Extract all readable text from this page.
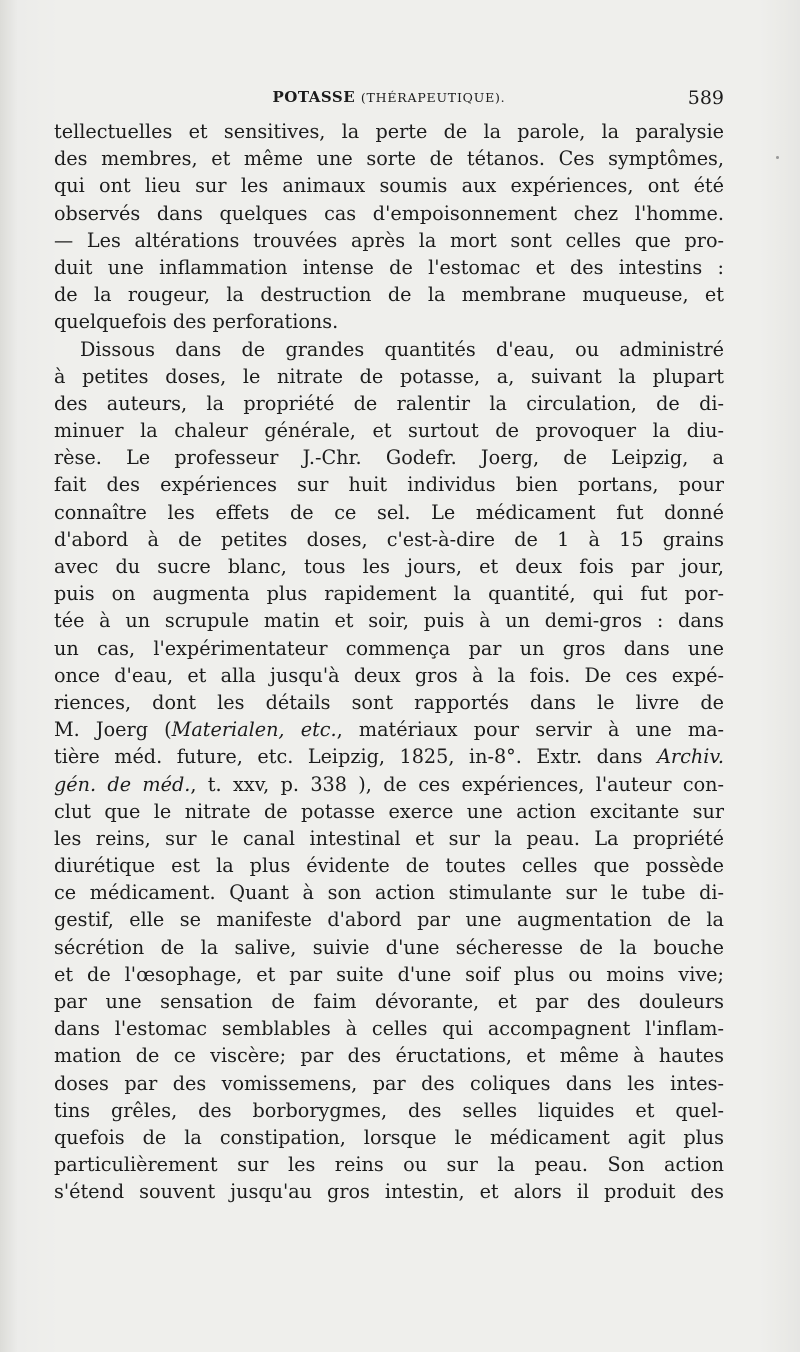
POTASSE (THÉRAPEUTIQUE).	589
tellectuelles et sensitives, la perte de la parole, la paralysie
des membres, et même une sorte de tétanos. Ces symptômes,
qui ont lieu sur les animaux soumis aux expériences, ont été
observés dans quelques cas d'empoisonnement chez l'homme.
— Les altérations trouvées après la mort sont celles que pro-
duit une inflammation intense de l'estomac et des intestins :
de la rougeur, la destruction de la membrane muqueuse, et
quelquefois des perforations.
Dissous dans de grandes quantités d'eau, ou administré
à petites doses, le nitrate de potasse, a, suivant la plupart
des auteurs, la propriété de ralentir la circulation, de di-
minuer la chaleur générale, et surtout de provoquer la diu-
rèse. Le professeur J.-Chr. Godefr. Joerg, de Leipzig, a
fait des expériences sur huit individus bien portans, pour
connaître les effets de ce sel. Le médicament fut donné
d'abord à de petites doses, c'est-à-dire de 1 à 15 grains
avec du sucre blanc, tous les jours, et deux fois par jour,
puis on augmenta plus rapidement la quantité, qui fut por-
tée à un scrupule matin et soir, puis à un demi-gros : dans
un cas, l'expérimentateur commença par un gros dans une
once d'eau, et alla jusqu'à deux gros à la fois. De ces expé-
riences, dont les détails sont rapportés dans le livre de
M. Joerg (Materialen, etc., matériaux pour servir à une ma-
tière méd. future, etc. Leipzig, 1825, in-8°. Extr. dans Archiv.
gén. de méd., t. xxv, p. 338 ), de ces expériences, l'auteur con-
clut que le nitrate de potasse exerce une action excitante sur
les reins, sur le canal intestinal et sur la peau. La propriété
diurétique est la plus évidente de toutes celles que possède
ce médicament. Quant à son action stimulante sur le tube di-
gestif, elle se manifeste d'abord par une augmentation de la
sécrétion de la salive, suivie d'une sécheresse de la bouche
et de l'œsophage, et par suite d'une soif plus ou moins vive;
par une sensation de faim dévorante, et par des douleurs
dans l'estomac semblables à celles qui accompagnent l'inflam-
mation de ce viscère; par des éructations, et même à hautes
doses par des vomissemens, par des coliques dans les intes-
tins grêles, des borborygmes, des selles liquides et quel-
quefois de la constipation, lorsque le médicament agit plus
particulièrement sur les reins ou sur la peau. Son action
s'étend souvent jusqu'au gros intestin, et alors il produit des
